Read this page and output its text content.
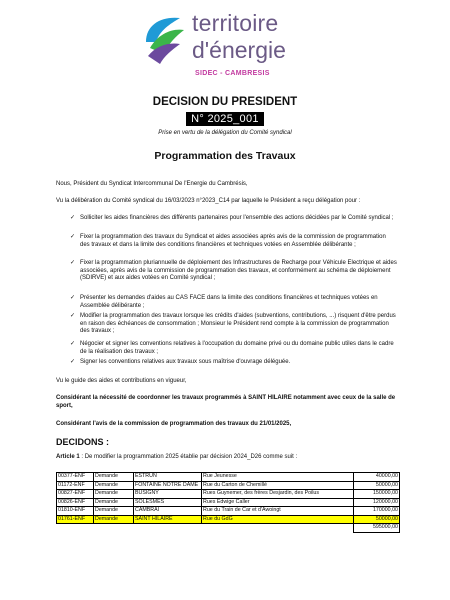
territoire
d'énergie
SIDEC - CAMBRESIS
DECISION DU PRESIDENT
N° 2025_001
Prise en vertu de la délégation du Comité syndical
Programmation des Travaux
Nous, Président du Syndicat Intercommunal De l'Energie du Cambrésis,
Vu la délibération du Comité syndical du 16/03/2023 n°2023_C14 par laquelle le Président a reçu délégation pour :
✓ Solliciter les aides financières des différents partenaires pour l'ensemble des actions décidées par le Comité syndical ;
✓ Fixer la programmation des travaux du Syndicat et aides associées après avis de la commission de programmation des travaux et dans la limite des conditions financières et techniques votées en Assemblée délibérante ;
✓ Fixer la programmation pluriannuelle de déploiement des Infrastructures de Recharge pour Véhicule Electrique et aides associées, après avis de la commission de programmation des travaux, et conformément au schéma de déploiement (SDIRVE) et aux aides votées en Comité syndical ;
✓ Présenter les demandes d'aides au CAS FACE dans la limite des conditions financières et techniques votées en Assemblée délibérante ;
✓ Modifier la programmation des travaux lorsque les crédits d'aides (subventions, contributions, ...) risquent d'être perdus en raison des échéances de consommation ; Monsieur le Président rend compte à la commission de programmation des travaux ;
✓ Négocier et signer les conventions relatives à l'occupation du domaine privé ou du domaine public utiles dans le cadre de la réalisation des travaux ;
✓ Signer les conventions relatives aux travaux sous maîtrise d'ouvrage déléguée.
Vu le guide des aides et contributions en vigueur,
Considérant la nécessité de coordonner les travaux programmés à SAINT HILAIRE notamment avec ceux de la salle de sport,
Considérant l'avis de la commission de programmation des travaux du 21/01/2025,
DECIDONS :
Article 1 : De modifier la programmation 2025 établie par décision 2024_D26 comme suit :
00377-ENF	Demande	ESTRUN	Rue Jeunesse	40000,00
01172-ENF	Demande	FONTAINE NOTRE DAME	Rue du Carton de Chemillé	50000,00
00827-ENF	Demande	BUSIGNY	Rues Guynemer, des frères Desjardin, des Poilus	150000,00
00826-ENF	Demande	SOLESMES	Rues Edwige Caller	120000,00
01810-ENF	Demande	CAMBRAI	Rue du Train de Car et d'Awoingt	170000,00
01761-ENF	Demande	SAINT HILAIRE	Rue du GdG	50000,00
				595000,00
